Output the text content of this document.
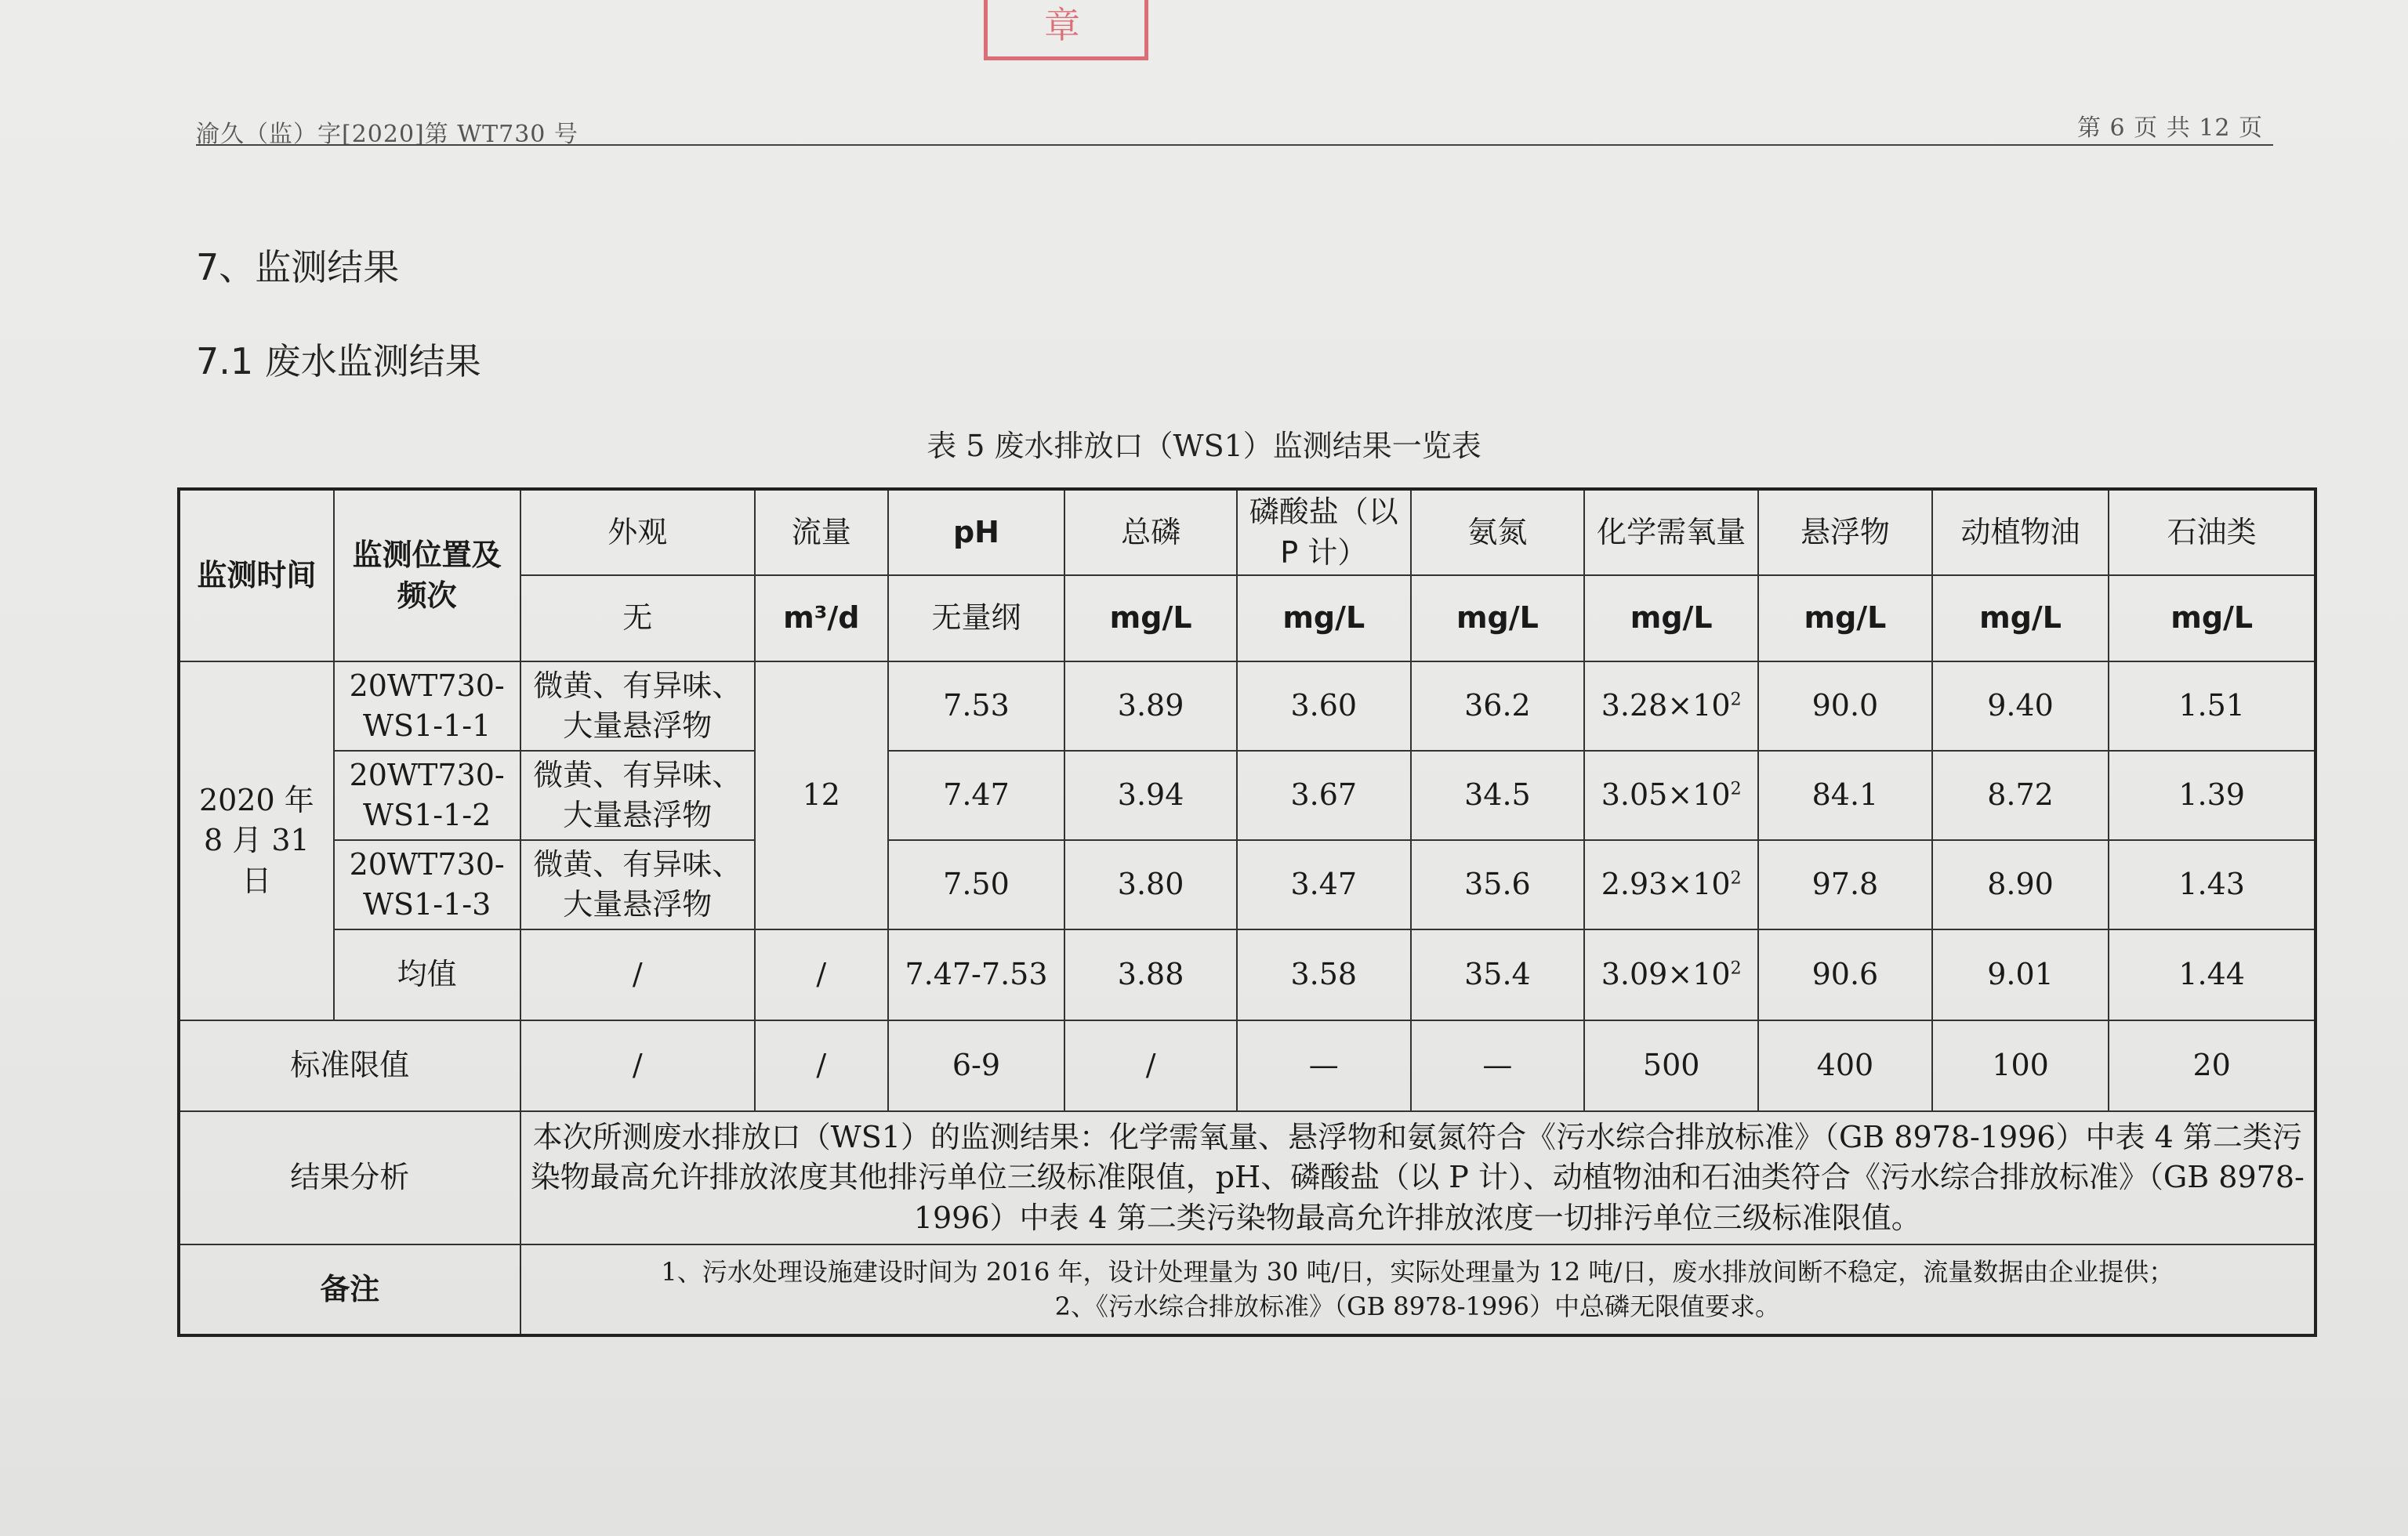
章
渝久（监）字[2020]第 WT730 号	第 6 页 共 12 页
7、监测结果
7.1 废水监测结果
表 5 废水排放口（WS1）监测结果一览表
监测时间	监测位置及频次	外观	流量	pH	总磷	磷酸盐（以 P 计）	氨氮	化学需氧量	悬浮物	动植物油	石油类
		无	m³/d	无量纲	mg/L	mg/L	mg/L	mg/L	mg/L	mg/L	mg/L
2020 年 8 月 31 日	20WT730-WS1-1-1	微黄、有异味、大量悬浮物	12	7.53	3.89	3.60	36.2	$3.28\times 10^2$	90.0	9.40	1.51
	20WT730-WS1-1-2	微黄、有异味、大量悬浮物		7.47	3.94	3.67	34.5	$3.05\times 10^2$	84.1	8.72	1.39
	20WT730-WS1-1-3	微黄、有异味、大量悬浮物		7.50	3.80	3.47	35.6	$2.93\times 10^2$	97.8	8.90	1.43
	均值	/	/	7.47-7.53	3.88	3.58	35.4	$3.09\times 10^2$	90.6	9.01	1.44
标准限值		/	/	6-9	/	—	—	500	400	100	20
结果分析		本次所测废水排放口（WS1）的监测结果：化学需氧量、悬浮物和氨氮符合《污水综合排放标准》（GB 8978-1996）中表 4 第二类污染物最高允许排放浓度其他排污单位三级标准限值，pH、磷酸盐（以 P 计）、动植物油和石油类符合《污水综合排放标准》（GB 8978-1996）中表 4 第二类污染物最高允许排放浓度一切排污单位三级标准限值。									
备注		1、污水处理设施建设时间为 2016 年，设计处理量为 30 吨/日，实际处理量为 12 吨/日，废水排放间断不稳定，流量数据由企业提供；
2、《污水综合排放标准》（GB 8978-1996）中总磷无限值要求。									
